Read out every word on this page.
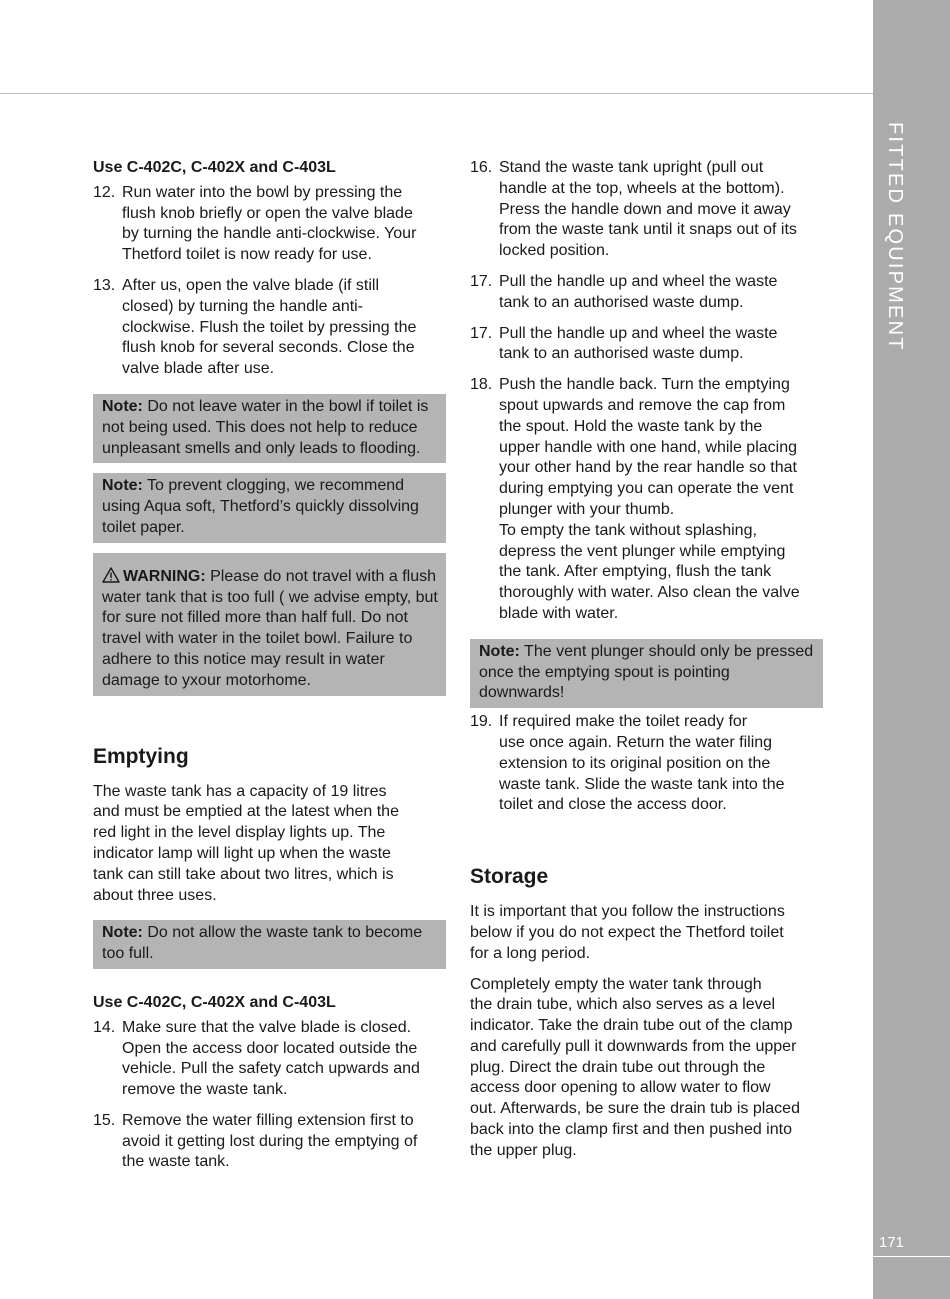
FITTED EQUIPMENT
171
Use C-402C, C-402X and C-403L
12. Run water into the bowl by pressing the
flush knob briefly or open the valve blade
by turning the handle anti-clockwise. Your
Thetford toilet is now ready for use.
13. After us, open the valve blade (if still
closed) by turning the handle anti-
clockwise. Flush the toilet by pressing the
flush knob for several seconds. Close the
valve blade after use.
Note: Do not leave water in the bowl if toilet is not being used. This does not help to reduce unpleasant smells and only leads to flooding.
Note: To prevent clogging, we recommend using Aqua soft, Thetford’s quickly dissolving toilet paper.
WARNING: Please do not travel with a flush water tank that is too full ( we advise empty, but for sure not filled more than half full. Do not travel with water in the toilet bowl. Failure to adhere to this notice may result in water damage to yxour motorhome.
Emptying

The waste tank has a capacity of 19 litres
and must be emptied at the latest when the
red light in the level display lights up. The
indicator lamp will light up when the waste
tank can still take about two litres, which is
about three uses.

Note: Do not allow the waste tank to become too full.
Use C-402C, C-402X and C-403L
14. Make sure that the valve blade is closed.
Open the access door located outside the
vehicle. Pull the safety catch upwards and
remove the waste tank.
15. Remove the water filling extension first to
avoid it getting lost during the emptying of
the waste tank.
16. Stand the waste tank upright (pull out
handle at the top, wheels at the bottom).
Press the handle down and move it away
from the waste tank until it snaps out of its
locked position.
17. Pull the handle up and wheel the waste
tank to an authorised waste dump.
17. Pull the handle up and wheel the waste
tank to an authorised waste dump.
18. Push the handle back. Turn the emptying
spout upwards and remove the cap from
the spout. Hold the waste tank by the
upper handle with one hand, while placing
your other hand by the rear handle so that
during emptying you can operate the vent
plunger with your thumb.
To empty the tank without splashing,
depress the vent plunger while emptying
the tank. After emptying, flush the tank
thoroughly with water. Also clean the valve
blade with water.
Note: The vent plunger should only be pressed once the emptying spout is pointing downwards!
19. If required make the toilet ready for
use once again. Return the water filing
extension to its original position on the
waste tank. Slide the waste tank into the
toilet and close the access door.
Storage

It is important that you follow the instructions
below if you do not expect the Thetford toilet
for a long period.

Completely empty the water tank through
the drain tube, which also serves as a level
indicator. Take the drain tube out of the clamp
and carefully pull it downwards from the upper
plug. Direct the drain tube out through the
access door opening to allow water to flow
out. Afterwards, be sure the drain tub is placed
back into the clamp first and then pushed into
the upper plug.
